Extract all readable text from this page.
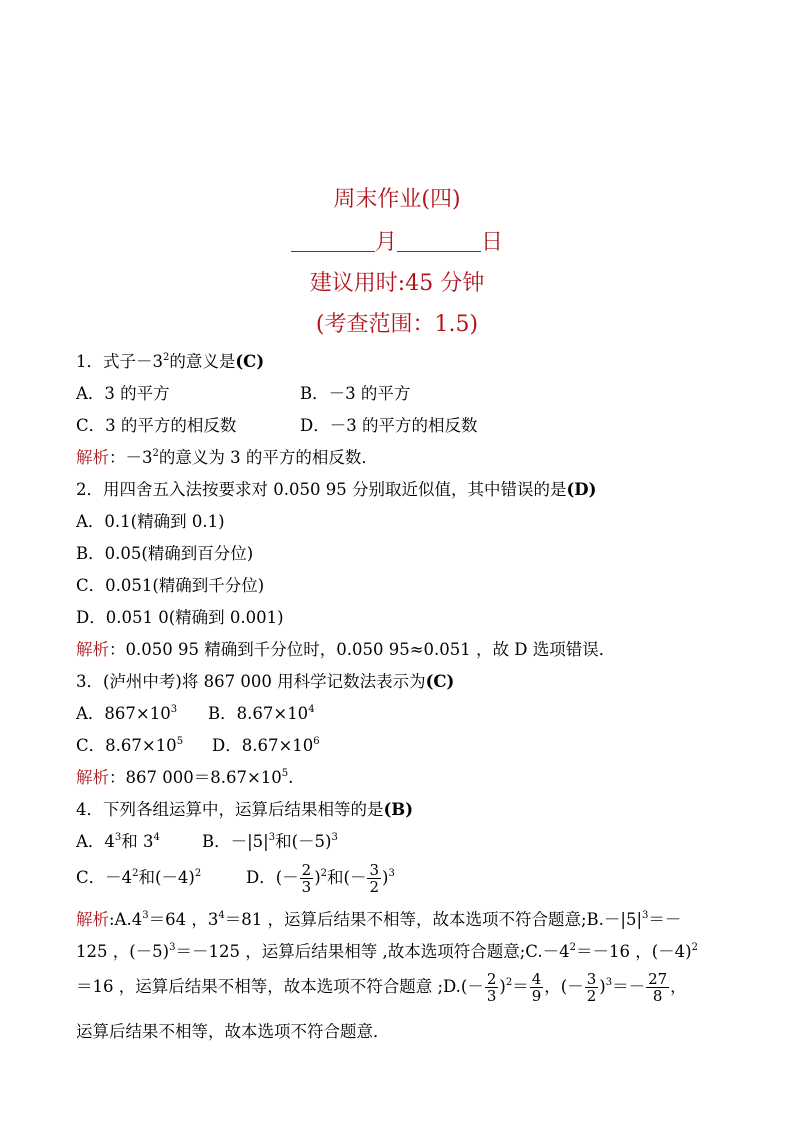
周末作业(四)
月	日
建议用时:45 分钟
(考查范围：1.5)
1．式子$-3^2$的意义是(C)
A．3 的平方	B．－3 的平方
C．3 的平方的相反数	D．－3 的平方的相反数
解析：$-3^2$的意义为 3 的平方的相反数．
2．用四舍五入法按要求对 0.050 95 分别取近似值，其中错误的是(D)
A．0.1(精确到 0.1)
B．0.05(精确到百分位)
C．0.051(精确到千分位)
D．0.051 0(精确到 0.001)
解析：0.050 95 精确到千分位时，0.050 95≈0.051 ，故 D 选项错误．
3．(泸州中考)将 867 000 用科学记数法表示为(C)
A．$867\times 10^3$ B．$8.67\times 10^4$
C．$8.67\times 10^5$ D．$8.67\times 10^6$
解析：867 $000=8.67\times 10^5$.
4．下列各组运算中，运算后结果相等的是(B)
A．$4^3$和 $3^4$	B．$-|5|^3$和$(-5)^3$
C．$-4^2$和$(-4)^2$	D．(－ $\frac{2}{3} )^2$和(－ $\frac{3}{2} )^3$
解析$:A.4^3=64$ ，$3^4=81$ ，运算后结果不相等，故本选项不符合题意$;B.-|5|^3=-$
125 ，$(-5)^3=-125$ ，运算后结果相等 ,故本选项符合题意$;C.-4^2=-16$ ，$(-4)^2$
＝16 ，运算后结果不相等，故本选项不符合题意 ;D.(－ $\frac{2}{3} )^2= \frac{4}{9}$ ，(－ $\frac{3}{2} )^3=- \frac{27}{8}$ ，
运算后结果不相等，故本选项不符合题意．
